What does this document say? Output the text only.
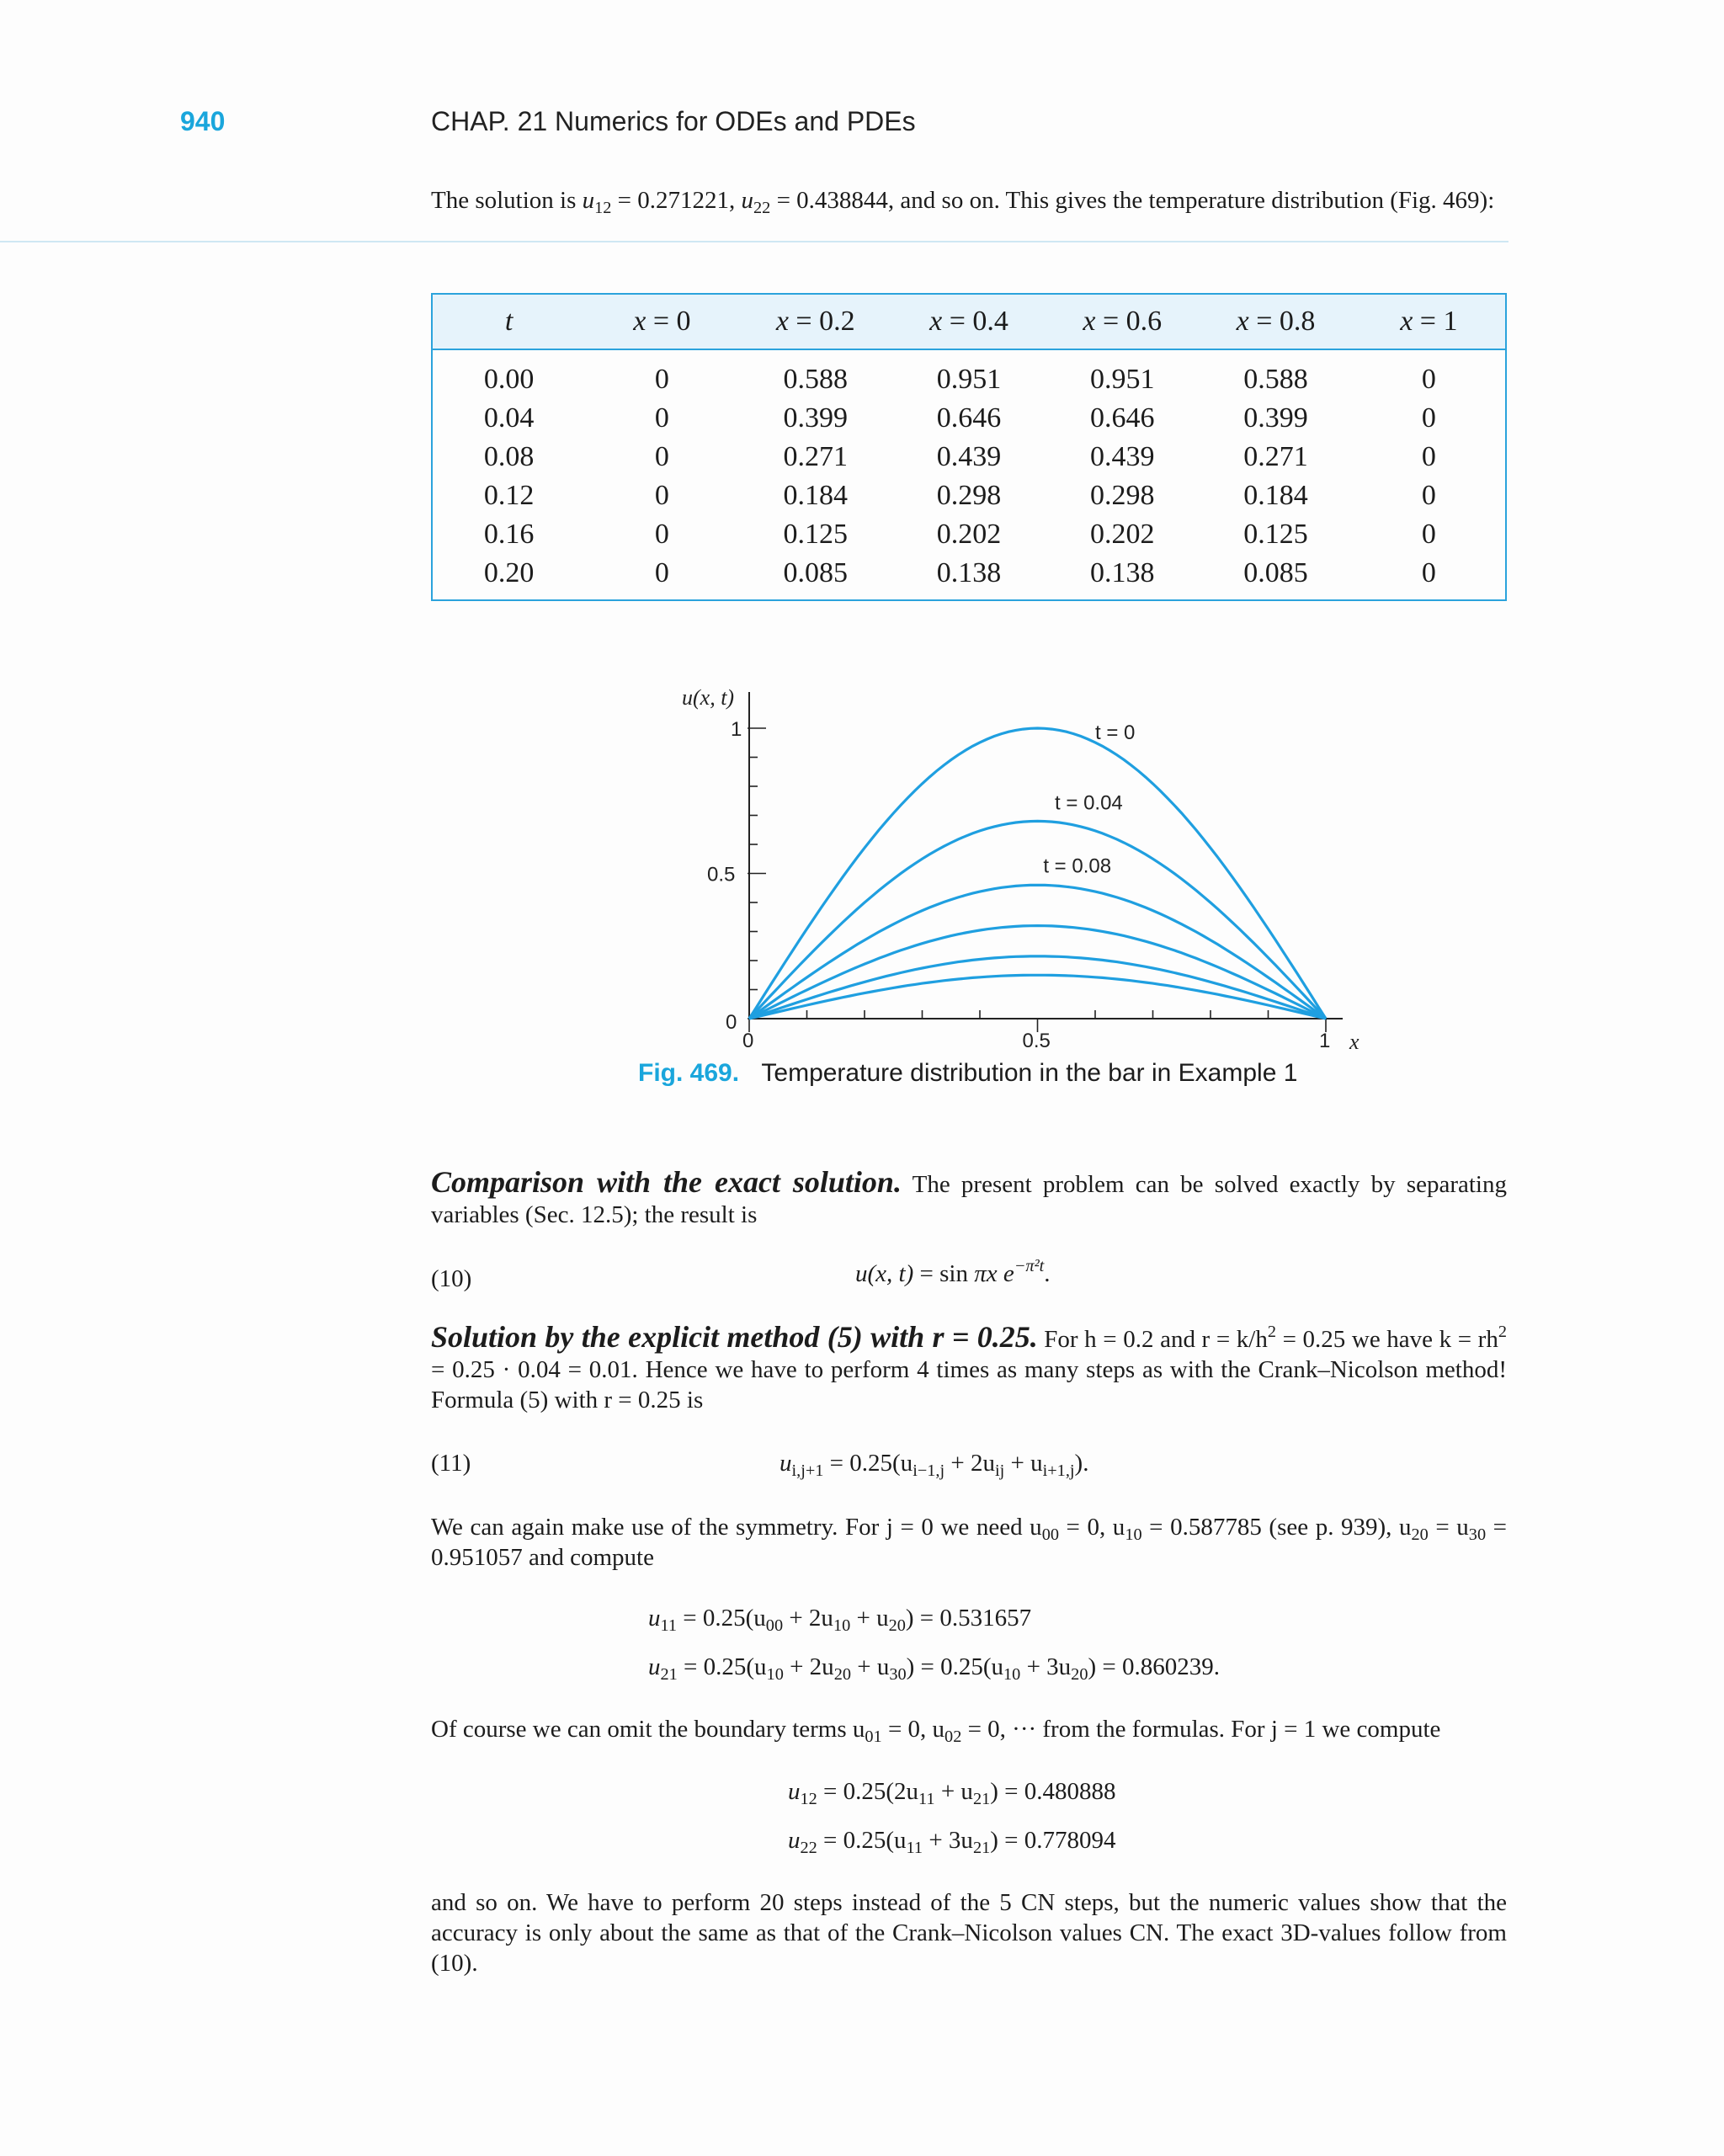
940	CHAP. 21 Numerics for ODEs and PDEs
The solution is $u_{12} = 0.271221$, $u_{22} = 0.438844$, and so on. This gives the temperature distribution (Fig. 469):
t	x = 0	x = 0.2	x = 0.4	x = 0.6	x = 0.8	x = 1
0.00	0	0.588	0.951	0.951	0.588	0
0.04	0	0.399	0.646	0.646	0.399	0
0.08	0	0.271	0.439	0.439	0.271	0
0.12	0	0.184	0.298	0.298	0.184	0
0.16	0	0.125	0.202	0.202	0.125	0
0.20	0	0.085	0.138	0.138	0.085	0
0	0.5	1
0
0.5
1
x
u(x, t)
t = 0
t = 0.04
t = 0.08
Fig. 469. Temperature distribution in the bar in Example 1
Comparison with the exact solution. The present problem can be solved exactly by separating variables (Sec. 12.5); the result is
(10)	u(x, t) = sin πx $e^{-\pi^2t}$.
Solution by the explicit method (5) with r = 0.25. For h = 0.2 and $r = k/h^2 = 0.25$ we have $k = rh^2 = 0.25 \cdot 0.04 = 0.01$. Hence we have to perform 4 times as many steps as with the Crank–Nicolson method! Formula (5) with r = 0.25 is
(11)	$u_{i,j+1} = 0.25(u_{i-1,j} + 2u_{ij} + u_{i+1,j})$.
We can again make use of the symmetry. For j = 0 we need $u_{00} = 0$, $u_{10} = 0.587785$ (see p. 939), $u_{20} = u_{30} = 0.951057$ and compute
$u_{11} = 0.25(u_{00} + 2u_{10} + u_{20}) = 0.531657$
$u_{21} = 0.25(u_{10} + 2u_{20} + u_{30}) = 0.25(u_{10} + 3u_{20}) = 0.860239$.
Of course we can omit the boundary terms $u_{01} = 0$, $u_{02} = 0$, ··· from the formulas. For j = 1 we compute
$u_{12} = 0.25(2u_{11} + u_{21}) = 0.480888$
$u_{22} = 0.25(u_{11} + 3u_{21}) = 0.778094$
and so on. We have to perform 20 steps instead of the 5 CN steps, but the numeric values show that the accuracy is only about the same as that of the Crank–Nicolson values CN. The exact 3D-values follow from (10).
